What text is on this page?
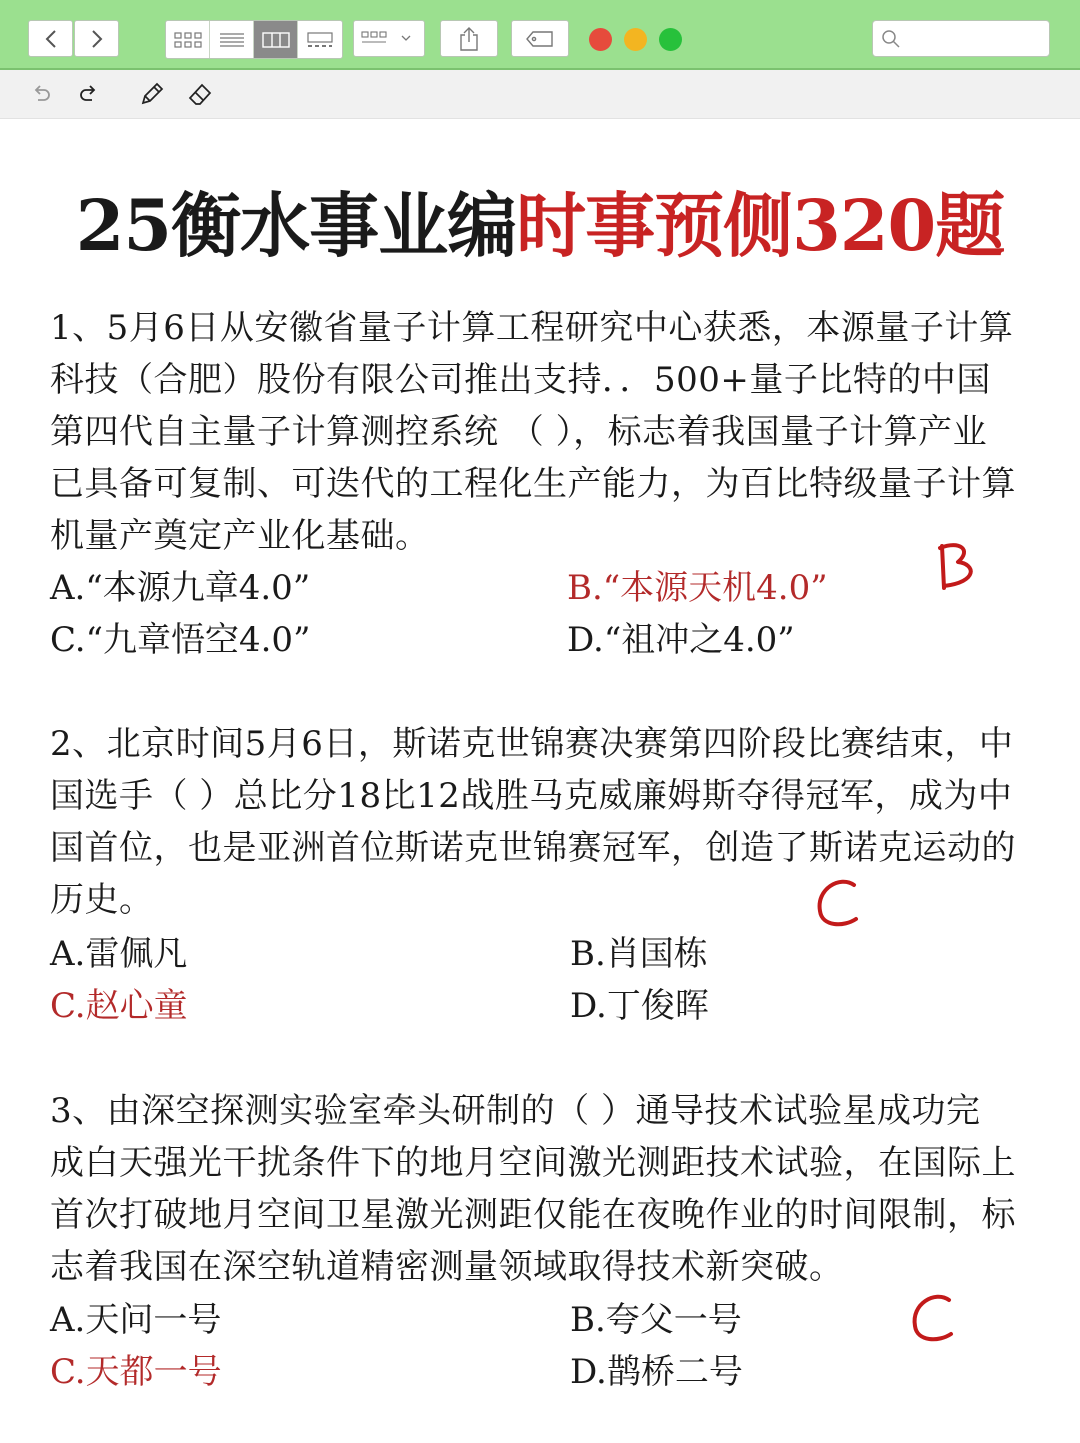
25衡水事业编时事预侧320题
1、5月6日从安徽省量子计算工程研究中心获悉，本源量子计算
科技（合肥）股份有限公司推出支持．．500+量子比特的中国
第四代自主量子计算测控系统 （ ），标志着我国量子计算产业
已具备可复制、可迭代的工程化生产能力，为百比特级量子计算
机量产奠定产业化基础。
A.“本源九章4.0”	B.“本源天机4.0”
C.“九章悟空4.0”	D.“祖冲之4.0”
2、北京时间5月6日，斯诺克世锦赛决赛第四阶段比赛结束，中
国选手（ ）总比分18比12战胜马克威廉姆斯夺得冠军，成为中
国首位，也是亚洲首位斯诺克世锦赛冠军，创造了斯诺克运动的
历史。
A.雷佩凡	B.肖国栋
C.赵心童	D.丁俊晖
3、由深空探测实验室牵头研制的（ ）通导技术试验星成功完
成白天强光干扰条件下的地月空间激光测距技术试验，在国际上
首次打破地月空间卫星激光测距仅能在夜晚作业的时间限制，标
志着我国在深空轨道精密测量领域取得技术新突破。
A.天问一号	B.夸父一号
C.天都一号	D.鹊桥二号
